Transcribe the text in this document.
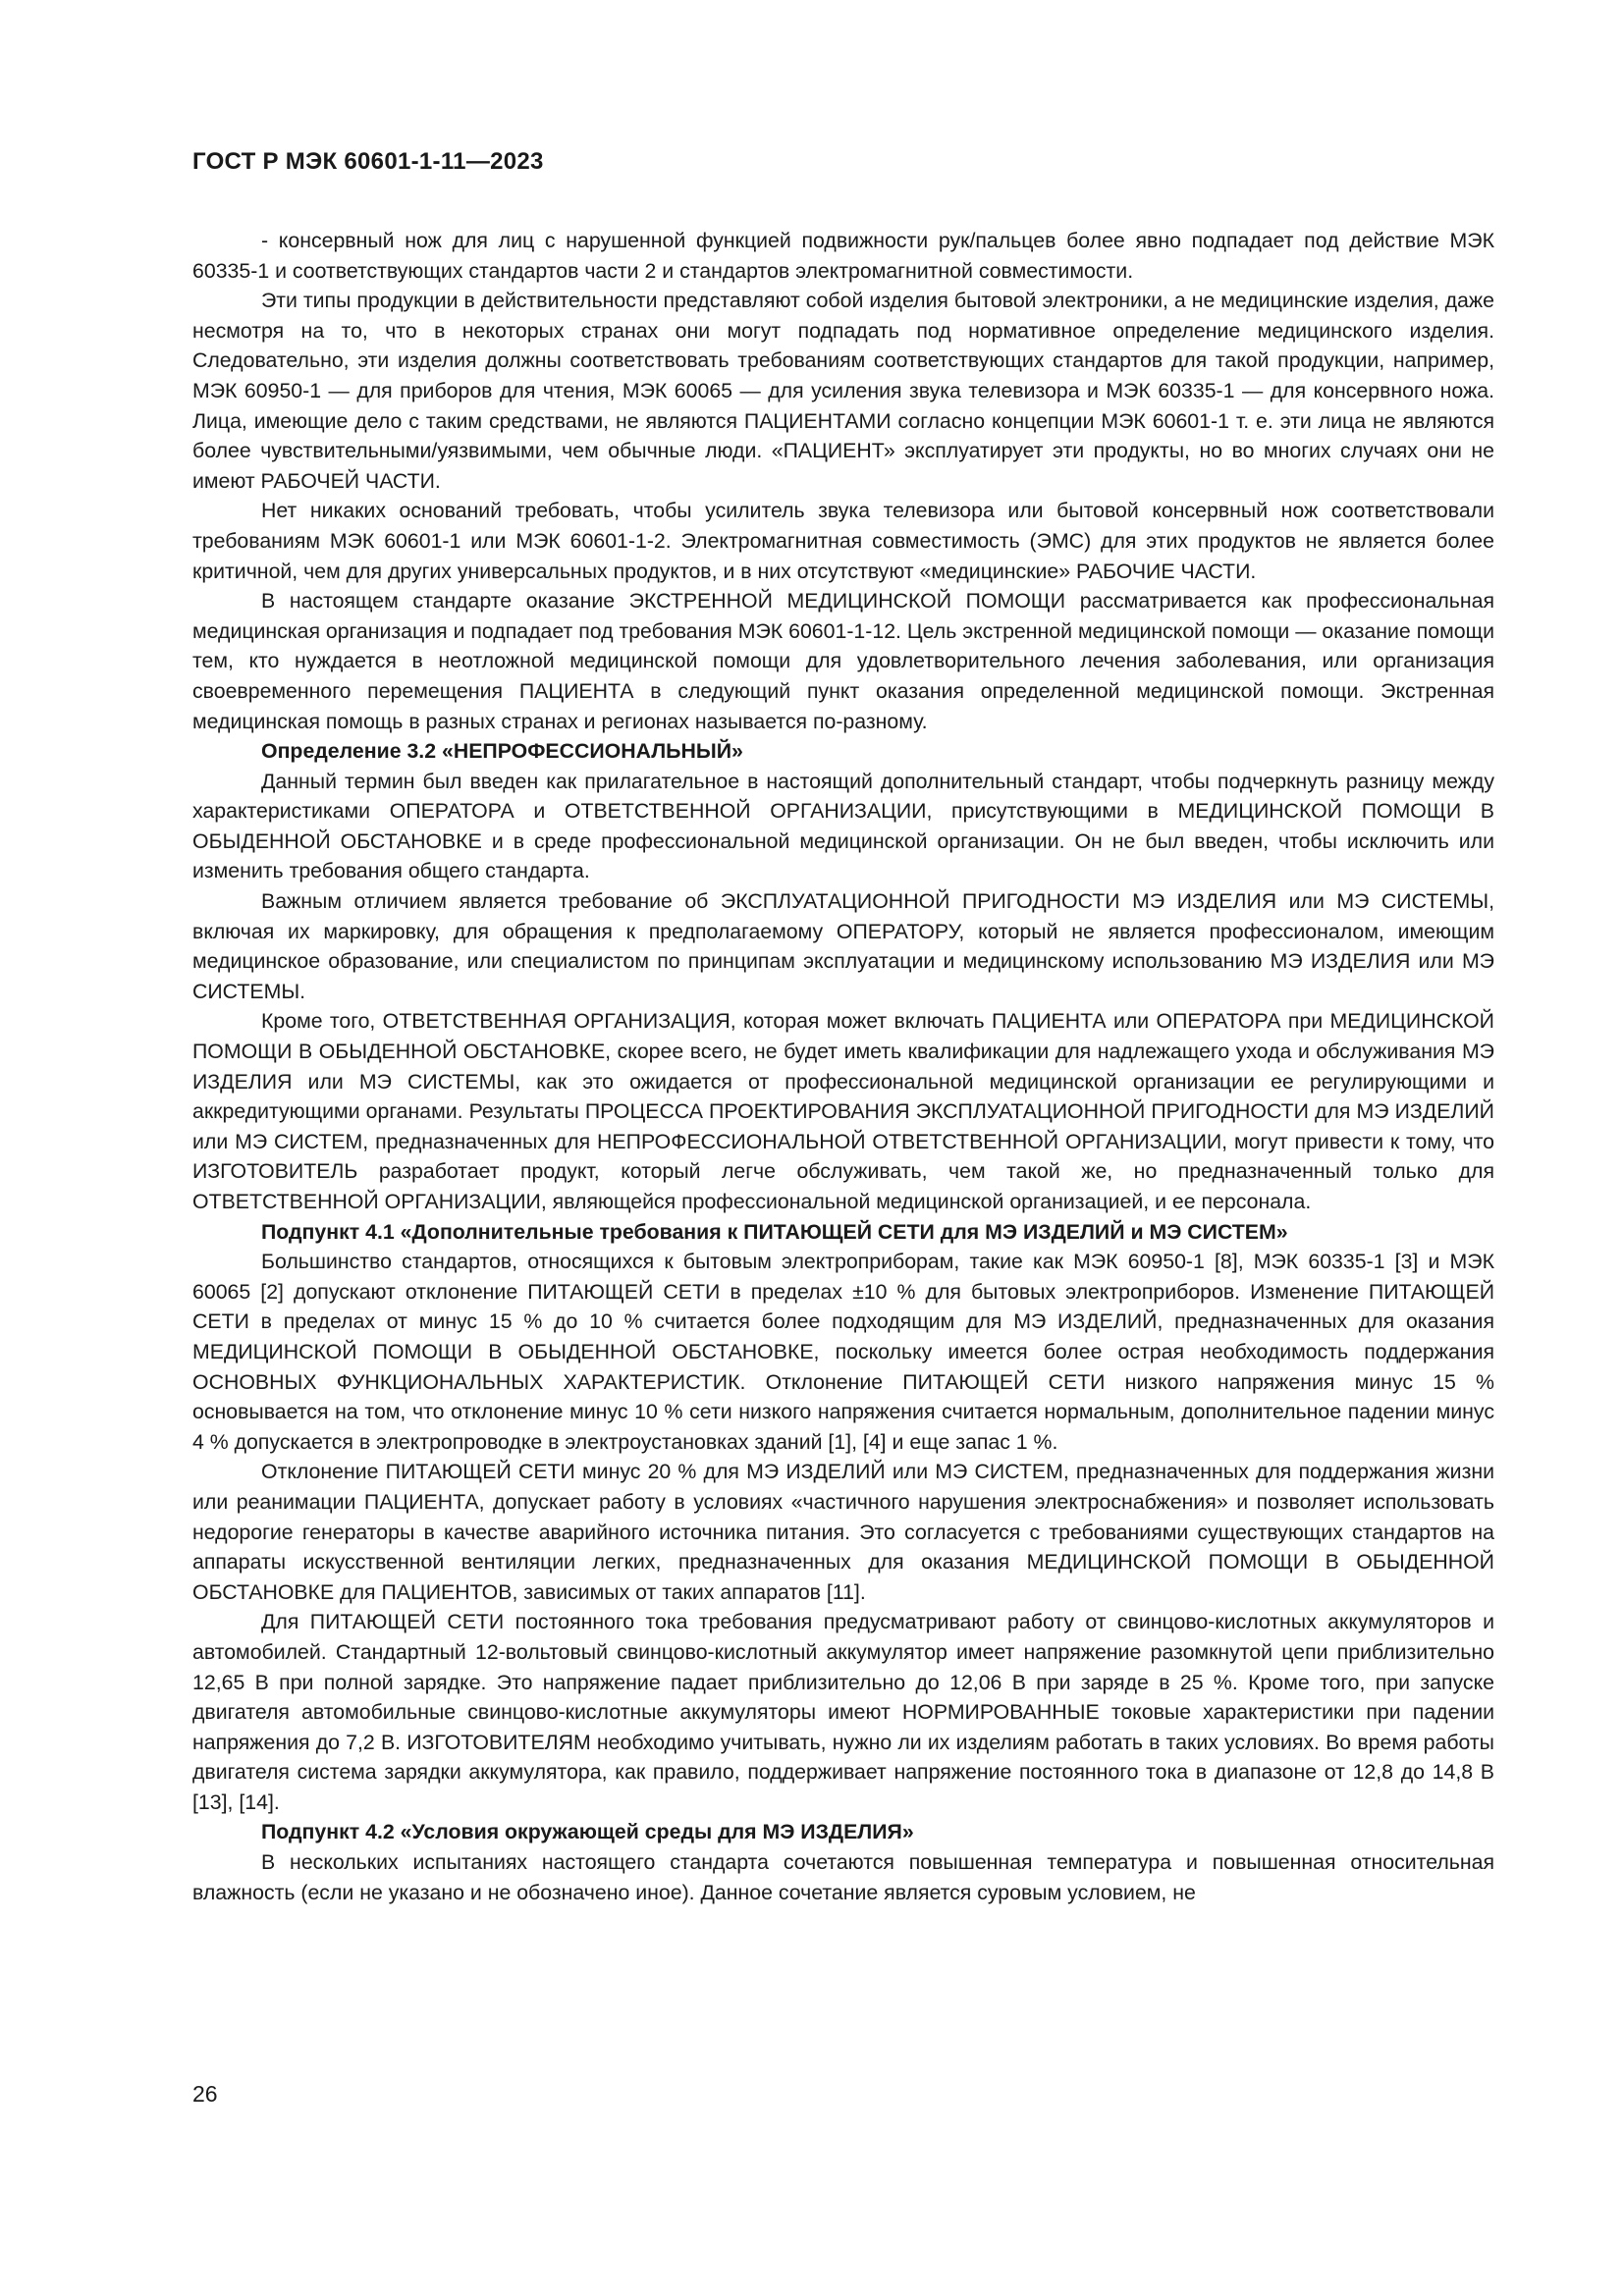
ГОСТ Р МЭК 60601-1-11—2023

- консервный нож для лиц с нарушенной функцией подвижности рук/пальцев более явно подпадает под действие МЭК 60335-1 и соответствующих стандартов части 2 и стандартов электромагнитной совместимости.

Эти типы продукции в действительности представляют собой изделия бытовой электроники, а не медицинские изделия, даже несмотря на то, что в некоторых странах они могут подпадать под нормативное определение медицинского изделия. Следовательно, эти изделия должны соответствовать требованиям соответствующих стандартов для такой продукции, например, МЭК 60950-1 — для приборов для чтения, МЭК 60065 — для усиления звука телевизора и МЭК 60335-1 — для консервного ножа. Лица, имеющие дело с таким средствами, не являются ПАЦИЕНТАМИ согласно концепции МЭК 60601-1 т. е. эти лица не являются более чувствительными/уязвимыми, чем обычные люди. «ПАЦИЕНТ» эксплуатирует эти продукты, но во многих случаях они не имеют РАБОЧЕЙ ЧАСТИ.

Нет никаких оснований требовать, чтобы усилитель звука телевизора или бытовой консервный нож соответствовали требованиям МЭК 60601-1 или МЭК 60601-1-2. Электромагнитная совместимость (ЭМС) для этих продуктов не является более критичной, чем для других универсальных продуктов, и в них отсутствуют «медицинские» РАБОЧИЕ ЧАСТИ.

В настоящем стандарте оказание ЭКСТРЕННОЙ МЕДИЦИНСКОЙ ПОМОЩИ рассматривается как профессиональная медицинская организация и подпадает под требования МЭК 60601-1-12. Цель экстренной медицинской помощи — оказание помощи тем, кто нуждается в неотложной медицинской помощи для удовлетворительного лечения заболевания, или организация своевременного перемещения ПАЦИЕНТА в следующий пункт оказания определенной медицинской помощи. Экстренная медицинская помощь в разных странах и регионах называется по-разному.

Определение 3.2 «НЕПРОФЕССИОНАЛЬНЫЙ»

Данный термин был введен как прилагательное в настоящий дополнительный стандарт, чтобы подчеркнуть разницу между характеристиками ОПЕРАТОРА и ОТВЕТСТВЕННОЙ ОРГАНИЗАЦИИ, присутствующими в МЕДИЦИНСКОЙ ПОМОЩИ В ОБЫДЕННОЙ ОБСТАНОВКЕ и в среде профессиональной медицинской организации. Он не был введен, чтобы исключить или изменить требования общего стандарта.

Важным отличием является требование об ЭКСПЛУАТАЦИОННОЙ ПРИГОДНОСТИ МЭ ИЗДЕЛИЯ или МЭ СИСТЕМЫ, включая их маркировку, для обращения к предполагаемому ОПЕРАТОРУ, который не является профессионалом, имеющим медицинское образование, или специалистом по принципам эксплуатации и медицинскому использованию МЭ ИЗДЕЛИЯ или МЭ СИСТЕМЫ.

Кроме того, ОТВЕТСТВЕННАЯ ОРГАНИЗАЦИЯ, которая может включать ПАЦИЕНТА или ОПЕРАТОРА при МЕДИЦИНСКОЙ ПОМОЩИ В ОБЫДЕННОЙ ОБСТАНОВКЕ, скорее всего, не будет иметь квалификации для надлежащего ухода и обслуживания МЭ ИЗДЕЛИЯ или МЭ СИСТЕМЫ, как это ожидается от профессиональной медицинской организации ее регулирующими и аккредитующими органами. Результаты ПРОЦЕССА ПРОЕКТИРОВАНИЯ ЭКСПЛУАТАЦИОННОЙ ПРИГОДНОСТИ для МЭ ИЗДЕЛИЙ или МЭ СИСТЕМ, предназначенных для НЕПРОФЕССИОНАЛЬНОЙ ОТВЕТСТВЕННОЙ ОРГАНИЗАЦИИ, могут привести к тому, что ИЗГОТОВИТЕЛЬ разработает продукт, который легче обслуживать, чем такой же, но предназначенный только для ОТВЕТСТВЕННОЙ ОРГАНИЗАЦИИ, являющейся профессиональной медицинской организацией, и ее персонала.

Подпункт 4.1 «Дополнительные требования к ПИТАЮЩЕЙ СЕТИ для МЭ ИЗДЕЛИЙ и МЭ СИСТЕМ»

Большинство стандартов, относящихся к бытовым электроприборам, такие как МЭК 60950-1 [8], МЭК 60335-1 [3] и МЭК 60065 [2] допускают отклонение ПИТАЮЩЕЙ СЕТИ в пределах ±10 % для бытовых электроприборов. Изменение ПИТАЮЩЕЙ СЕТИ в пределах от минус 15 % до 10 % считается более подходящим для МЭ ИЗДЕЛИЙ, предназначенных для оказания МЕДИЦИНСКОЙ ПОМОЩИ В ОБЫДЕННОЙ ОБСТАНОВКЕ, поскольку имеется более острая необходимость поддержания ОСНОВНЫХ ФУНКЦИОНАЛЬНЫХ ХАРАКТЕРИСТИК. Отклонение ПИТАЮЩЕЙ СЕТИ низкого напряжения минус 15 % основывается на том, что отклонение минус 10 % сети низкого напряжения считается нормальным, дополнительное падении минус 4 % допускается в электропроводке в электроустановках зданий [1], [4] и еще запас 1 %.

Отклонение ПИТАЮЩЕЙ СЕТИ минус 20 % для МЭ ИЗДЕЛИЙ или МЭ СИСТЕМ, предназначенных для поддержания жизни или реанимации ПАЦИЕНТА, допускает работу в условиях «частичного нарушения электроснабжения» и позволяет использовать недорогие генераторы в качестве аварийного источника питания. Это согласуется с требованиями существующих стандартов на аппараты искусственной вентиляции легких, предназначенных для оказания МЕДИЦИНСКОЙ ПОМОЩИ В ОБЫДЕННОЙ ОБСТАНОВКЕ для ПАЦИЕНТОВ, зависимых от таких аппаратов [11].

Для ПИТАЮЩЕЙ СЕТИ постоянного тока требования предусматривают работу от свинцово-кислотных аккумуляторов и автомобилей. Стандартный 12-вольтовый свинцово-кислотный аккумулятор имеет напряжение разомкнутой цепи приблизительно 12,65 В при полной зарядке. Это напряжение падает приблизительно до 12,06 В при заряде в 25 %. Кроме того, при запуске двигателя автомобильные свинцово-кислотные аккумуляторы имеют НОРМИРОВАННЫЕ токовые характеристики при падении напряжения до 7,2 В. ИЗГОТОВИТЕЛЯМ необходимо учитывать, нужно ли их изделиям работать в таких условиях. Во время работы двигателя система зарядки аккумулятора, как правило, поддерживает напряжение постоянного тока в диапазоне от 12,8 до 14,8 В [13], [14].

Подпункт 4.2 «Условия окружающей среды для МЭ ИЗДЕЛИЯ»

В нескольких испытаниях настоящего стандарта сочетаются повышенная температура и повышенная относительная влажность (если не указано и не обозначено иное). Данное сочетание является суровым условием, не

26
